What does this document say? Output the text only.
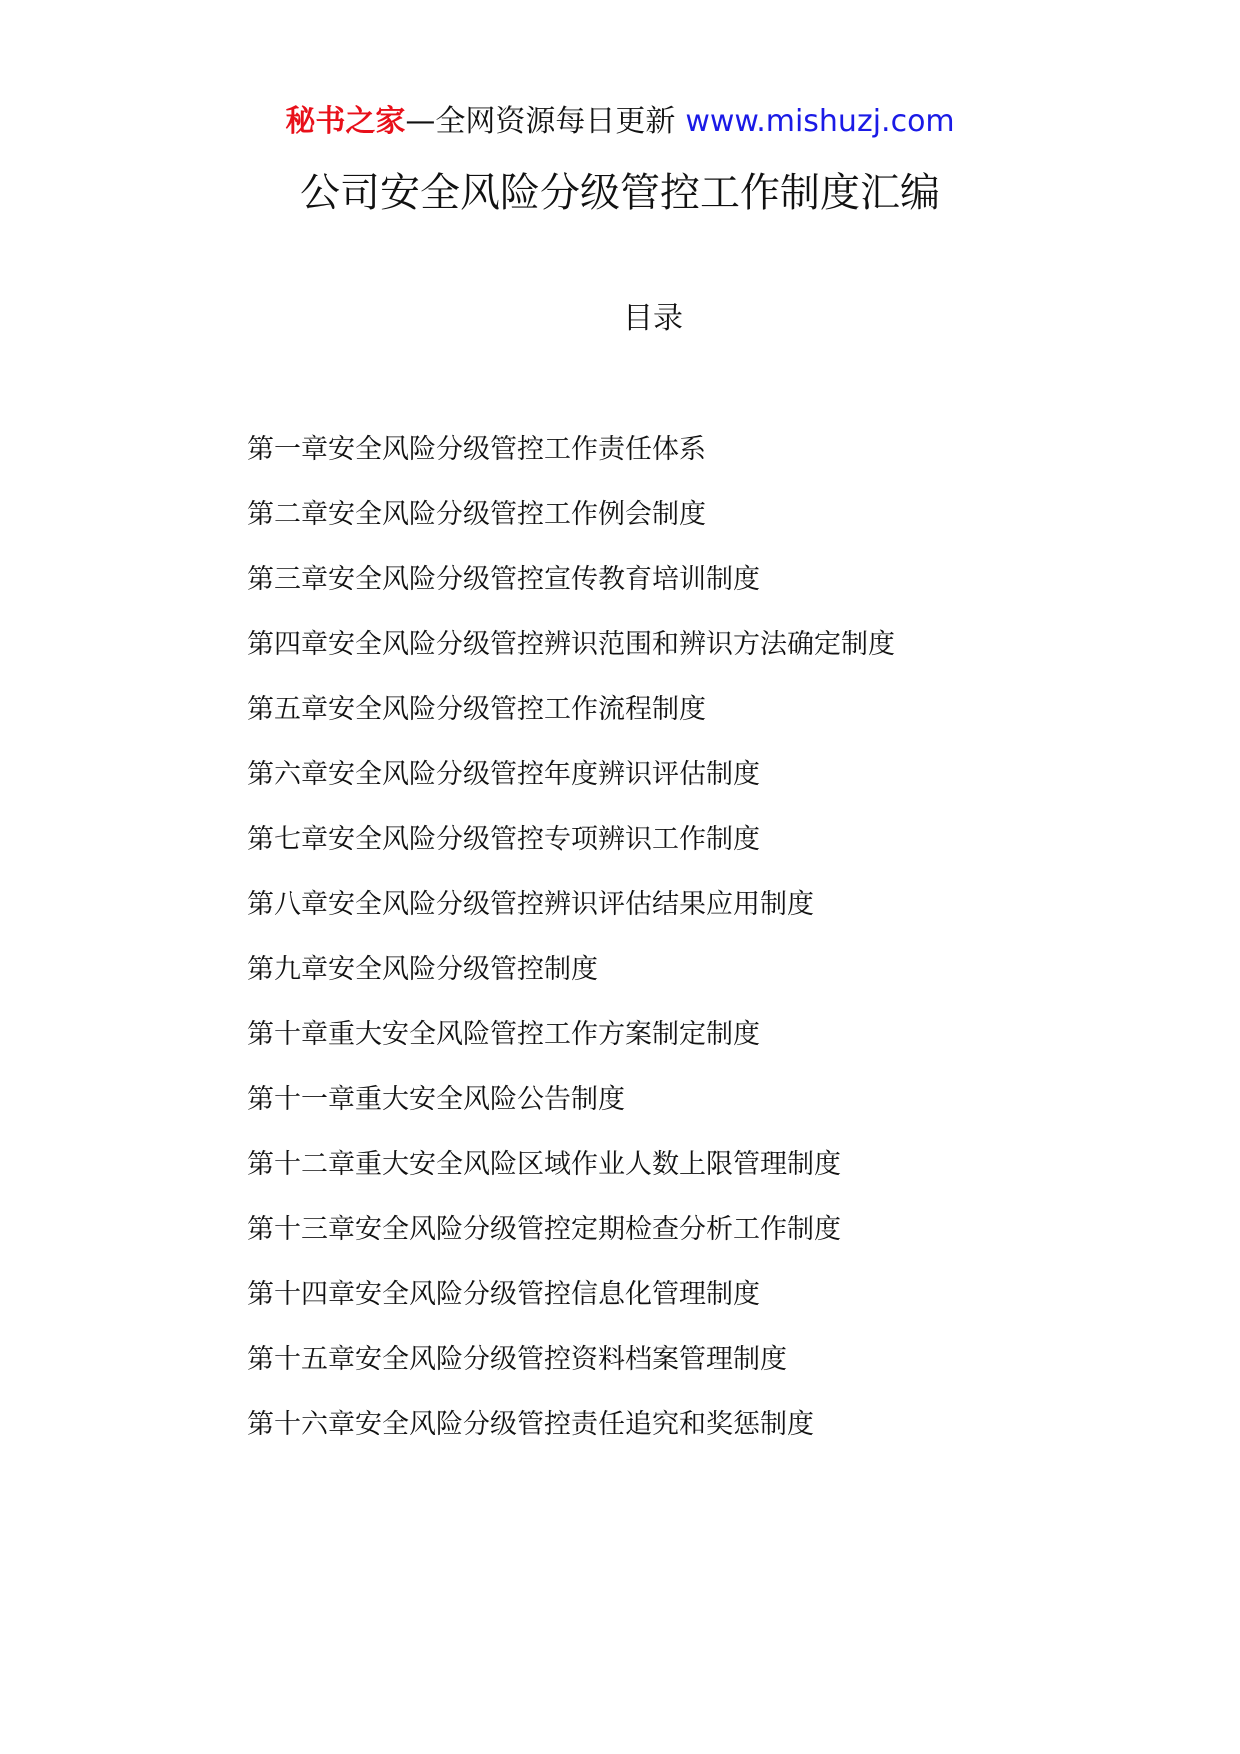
秘书之家—全网资源每日更新 www.mishuzj.com
公司安全风险分级管控工作制度汇编
目录
第一章安全风险分级管控工作责任体系
第二章安全风险分级管控工作例会制度
第三章安全风险分级管控宣传教育培训制度
第四章安全风险分级管控辨识范围和辨识方法确定制度
第五章安全风险分级管控工作流程制度
第六章安全风险分级管控年度辨识评估制度
第七章安全风险分级管控专项辨识工作制度
第八章安全风险分级管控辨识评估结果应用制度
第九章安全风险分级管控制度
第十章重大安全风险管控工作方案制定制度
第十一章重大安全风险公告制度
第十二章重大安全风险区域作业人数上限管理制度
第十三章安全风险分级管控定期检查分析工作制度
第十四章安全风险分级管控信息化管理制度
第十五章安全风险分级管控资料档案管理制度
第十六章安全风险分级管控责任追究和奖惩制度
